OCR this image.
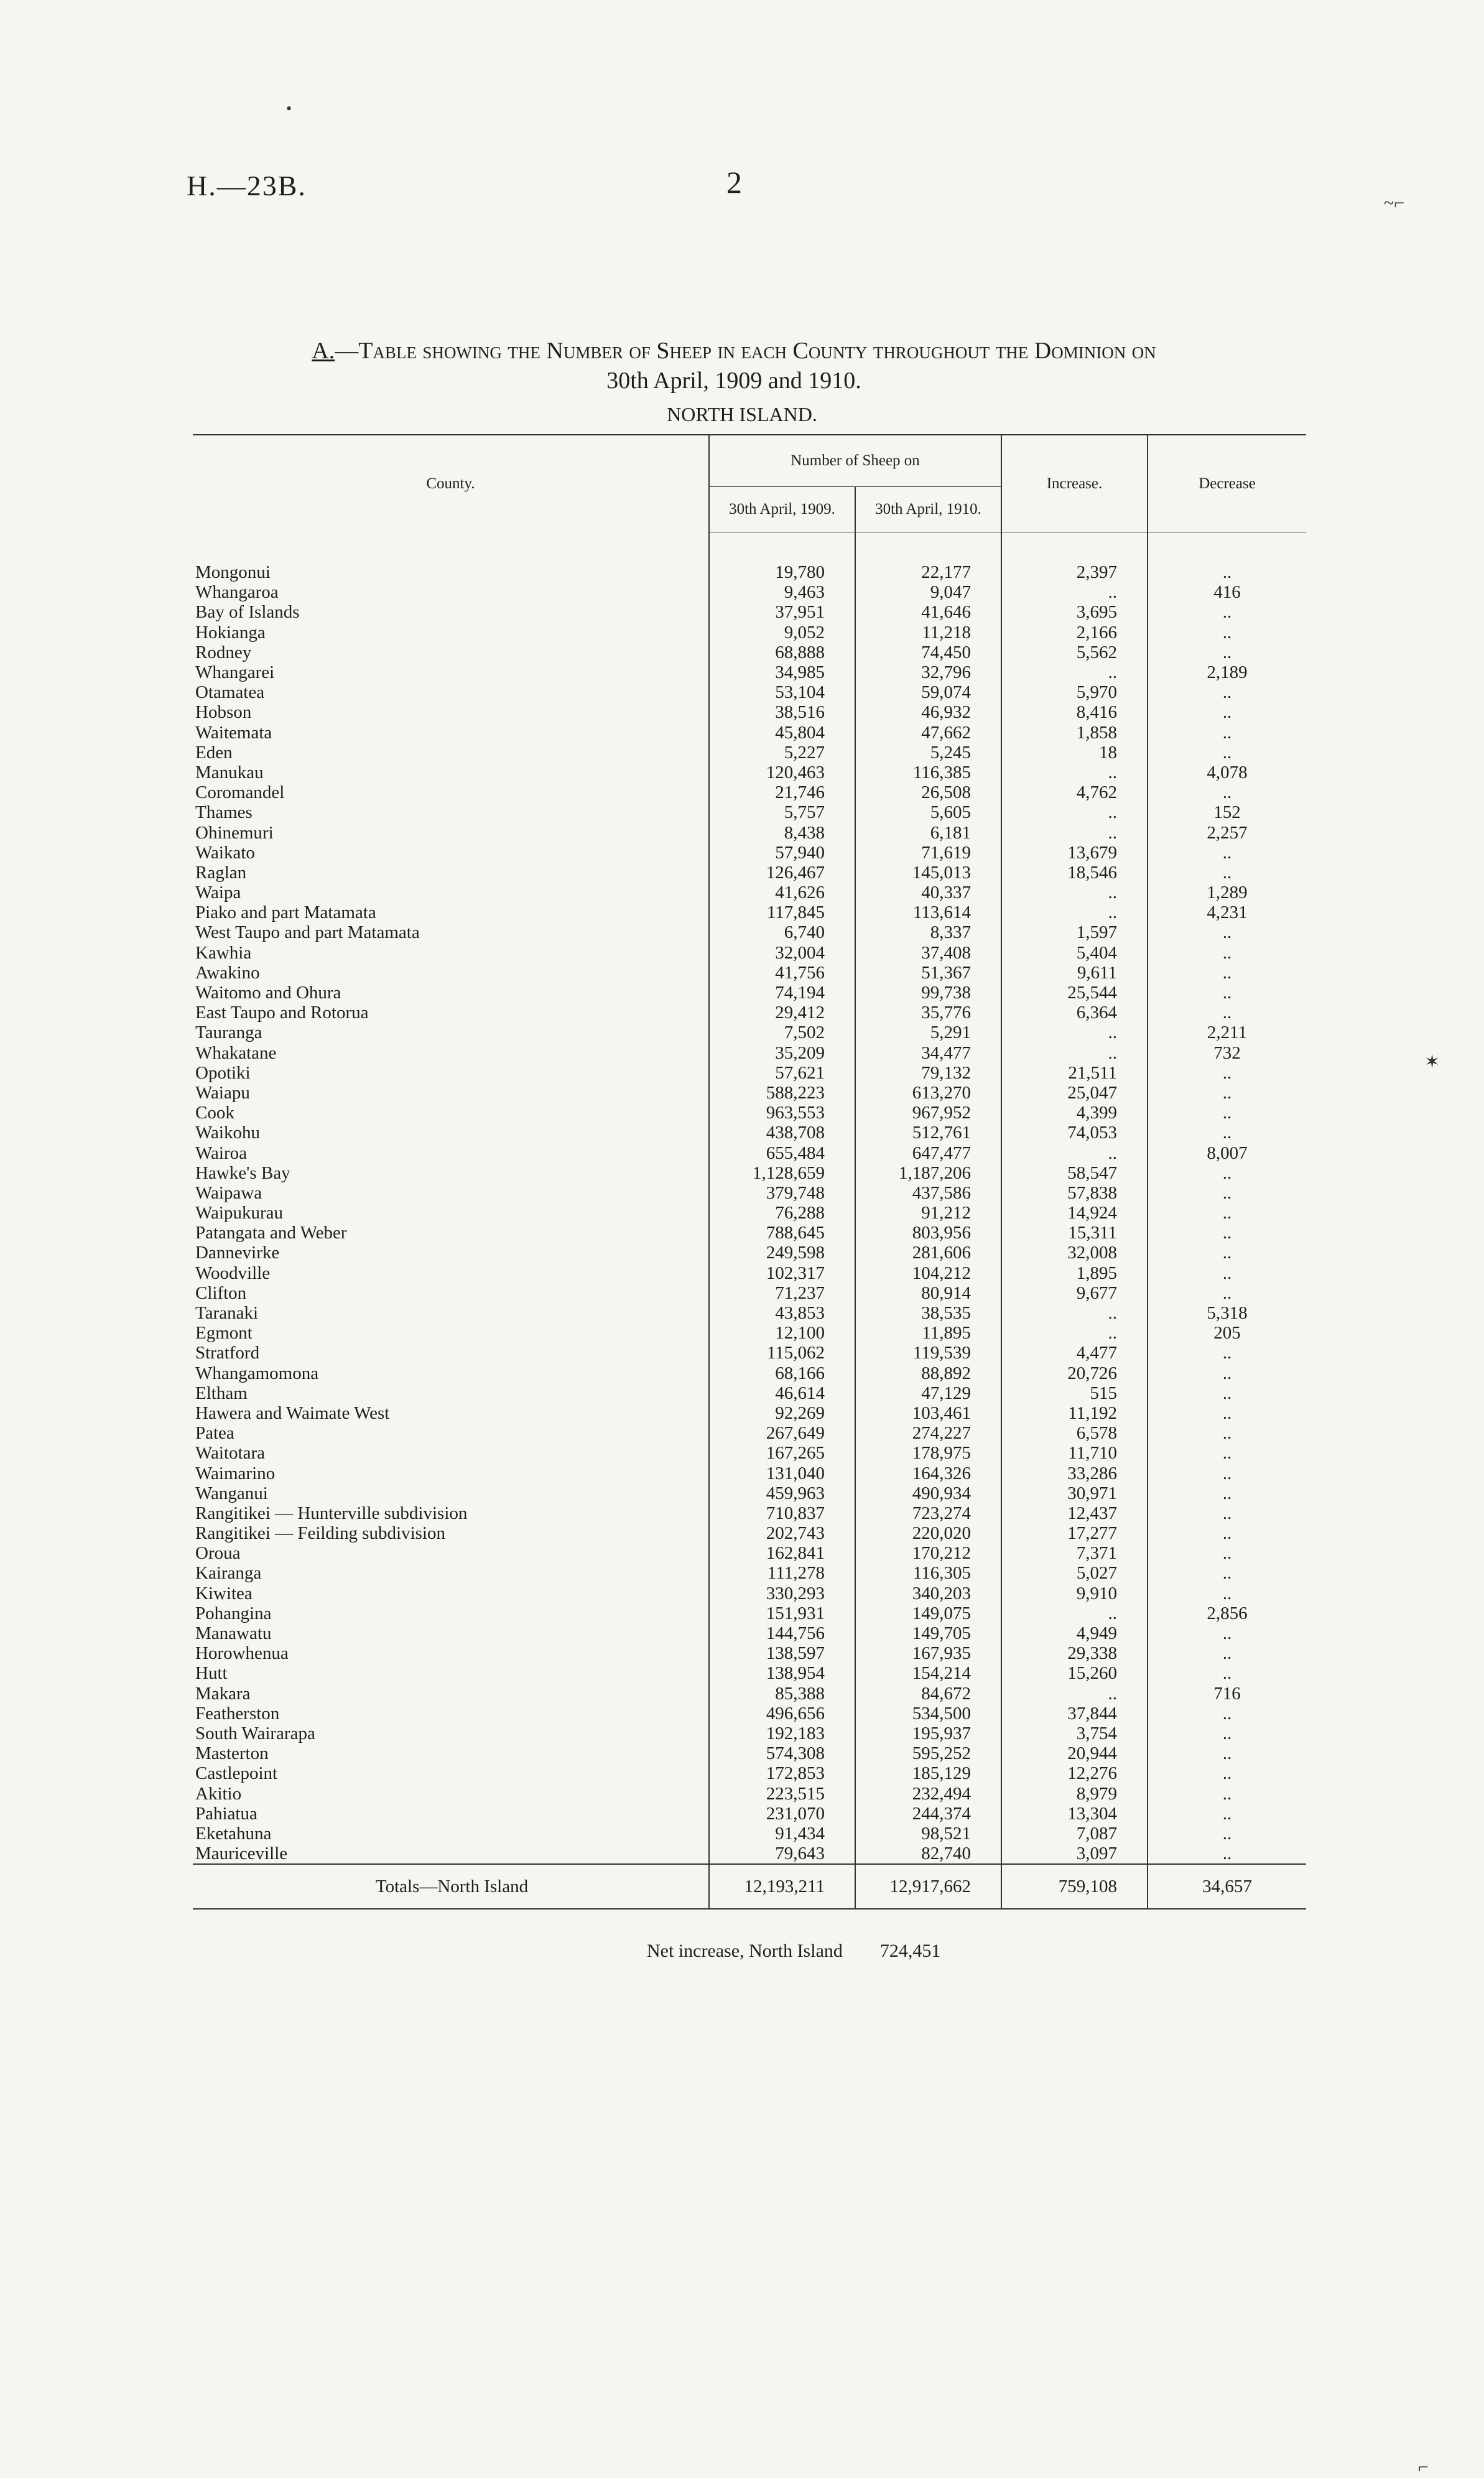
H.—23B.	2
•
~⌐
✶
⌐
A.—Table showing the Number of Sheep in each County throughout the Dominion on
30th April, 1909 and 1910.
NORTH ISLAND.
County.	Number of Sheep on		Increase.	Decrease
	30th April, 1909.	30th April, 1910.		

Mongonui	19,780	22,177	2,397	..
Whangaroa	9,463	9,047	..	416
Bay of Islands	37,951	41,646	3,695	..
Hokianga	9,052	11,218	2,166	..
Rodney	68,888	74,450	5,562	..
Whangarei	34,985	32,796	..	2,189
Otamatea	53,104	59,074	5,970	..
Hobson	38,516	46,932	8,416	..
Waitemata	45,804	47,662	1,858	..
Eden	5,227	5,245	18	..
Manukau	120,463	116,385	..	4,078
Coromandel	21,746	26,508	4,762	..
Thames	5,757	5,605	..	152
Ohinemuri	8,438	6,181	..	2,257
Waikato	57,940	71,619	13,679	..
Raglan	126,467	145,013	18,546	..
Waipa	41,626	40,337	..	1,289
Piako and part Matamata	117,845	113,614	..	4,231
West Taupo and part Matamata	6,740	8,337	1,597	..
Kawhia	32,004	37,408	5,404	..
Awakino	41,756	51,367	9,611	..
Waitomo and Ohura	74,194	99,738	25,544	..
East Taupo and Rotorua	29,412	35,776	6,364	..
Tauranga	7,502	5,291	..	2,211
Whakatane	35,209	34,477	..	732
Opotiki	57,621	79,132	21,511	..
Waiapu	588,223	613,270	25,047	..
Cook	963,553	967,952	4,399	..
Waikohu	438,708	512,761	74,053	..
Wairoa	655,484	647,477	..	8,007
Hawke's Bay	1,128,659	1,187,206	58,547	..
Waipawa	379,748	437,586	57,838	..
Waipukurau	76,288	91,212	14,924	..
Patangata and Weber	788,645	803,956	15,311	..
Dannevirke	249,598	281,606	32,008	..
Woodville	102,317	104,212	1,895	..
Clifton	71,237	80,914	9,677	..
Taranaki	43,853	38,535	..	5,318
Egmont	12,100	11,895	..	205
Stratford	115,062	119,539	4,477	..
Whangamomona	68,166	88,892	20,726	..
Eltham	46,614	47,129	515	..
Hawera and Waimate West	92,269	103,461	11,192	..
Patea	267,649	274,227	6,578	..
Waitotara	167,265	178,975	11,710	..
Waimarino	131,040	164,326	33,286	..
Wanganui	459,963	490,934	30,971	..
Rangitikei — Hunterville subdivision	710,837	723,274	12,437	..
Rangitikei — Feilding subdivision	202,743	220,020	17,277	..
Oroua	162,841	170,212	7,371	..
Kairanga	111,278	116,305	5,027	..
Kiwitea	330,293	340,203	9,910	..
Pohangina	151,931	149,075	..	2,856
Manawatu	144,756	149,705	4,949	..
Horowhenua	138,597	167,935	29,338	..
Hutt	138,954	154,214	15,260	..
Makara	85,388	84,672	..	716
Featherston	496,656	534,500	37,844	..
South Wairarapa	192,183	195,937	3,754	..
Masterton	574,308	595,252	20,944	..
Castlepoint	172,853	185,129	12,276	..
Akitio	223,515	232,494	8,979	..
Pahiatua	231,070	244,374	13,304	..
Eketahuna	91,434	98,521	7,087	..
Mauriceville	79,643	82,740	3,097	..
Totals—North Island	12,193,211	12,917,662	759,108	34,657
Net increase, North Island 724,451
